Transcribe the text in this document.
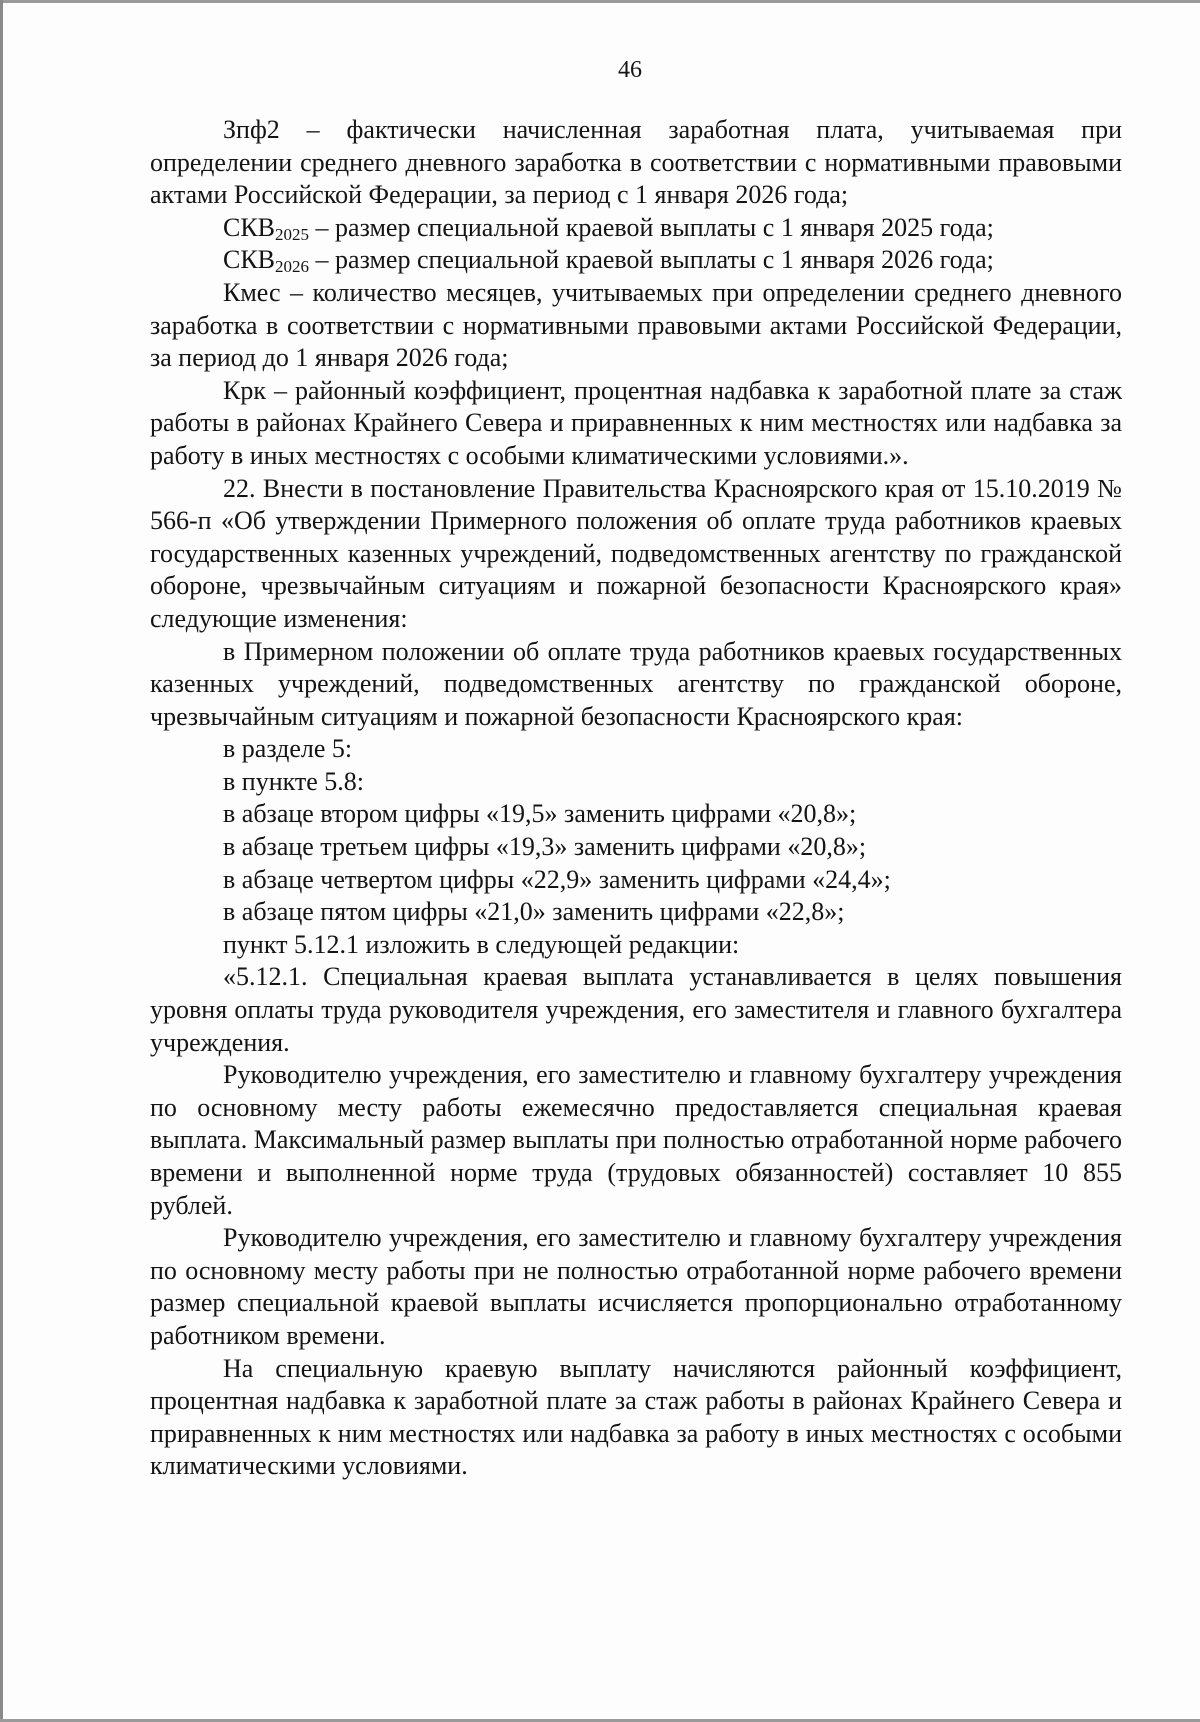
46

Зпф2 – фактически начисленная заработная плата, учитываемая при определении среднего дневного заработка в соответствии с нормативными правовыми актами Российской Федерации, за период с 1 января 2026 года;

$СКВ_{2025}$ – размер специальной краевой выплаты с 1 января 2025 года;

$СКВ_{2026}$ – размер специальной краевой выплаты с 1 января 2026 года;

Кмес – количество месяцев, учитываемых при определении среднего дневного заработка в соответствии с нормативными правовыми актами Российской Федерации, за период до 1 января 2026 года;

Крк – районный коэффициент, процентная надбавка к заработной плате за стаж работы в районах Крайнего Севера и приравненных к ним местностях или надбавка за работу в иных местностях с особыми климатическими условиями.».

22. Внести в постановление Правительства Красноярского края от 15.10.2019 № 566-п «Об утверждении Примерного положения об оплате труда работников краевых государственных казенных учреждений, подведомственных агентству по гражданской обороне, чрезвычайным ситуациям и пожарной безопасности Красноярского края» следующие изменения:

в Примерном положении об оплате труда работников краевых государственных казенных учреждений, подведомственных агентству по гражданской обороне, чрезвычайным ситуациям и пожарной безопасности Красноярского края:

в разделе 5:

в пункте 5.8:

в абзаце втором цифры «19,5» заменить цифрами «20,8»;

в абзаце третьем цифры «19,3» заменить цифрами «20,8»;

в абзаце четвертом цифры «22,9» заменить цифрами «24,4»;

в абзаце пятом цифры «21,0» заменить цифрами «22,8»;

пункт 5.12.1 изложить в следующей редакции:

«5.12.1. Специальная краевая выплата устанавливается в целях повышения уровня оплаты труда руководителя учреждения, его заместителя и главного бухгалтера учреждения.

Руководителю учреждения, его заместителю и главному бухгалтеру учреждения по основному месту работы ежемесячно предоставляется специальная краевая выплата. Максимальный размер выплаты при полностью отработанной норме рабочего времени и выполненной норме труда (трудовых обязанностей) составляет 10 855 рублей.

Руководителю учреждения, его заместителю и главному бухгалтеру учреждения по основному месту работы при не полностью отработанной норме рабочего времени размер специальной краевой выплаты исчисляется пропорционально отработанному работником времени.

На специальную краевую выплату начисляются районный коэффициент, процентная надбавка к заработной плате за стаж работы в районах Крайнего Севера и приравненных к ним местностях или надбавка за работу в иных местностях с особыми климатическими условиями.
